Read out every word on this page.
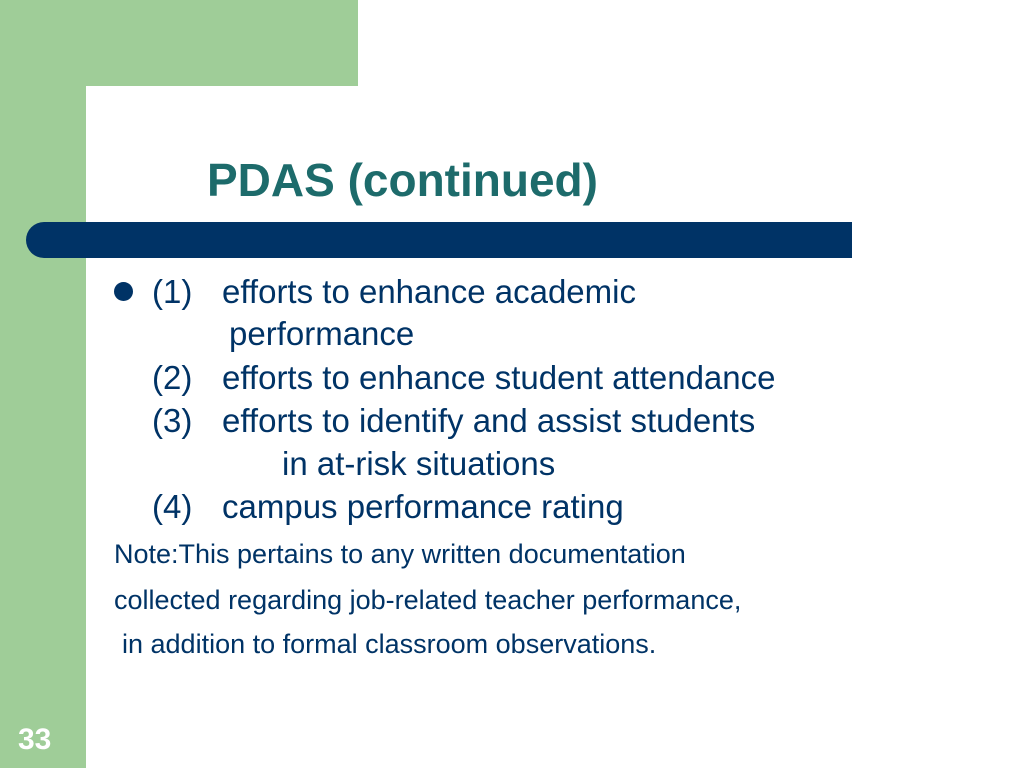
PDAS (continued)
(1) efforts to enhance academic
performance
(2) efforts to enhance student attendance
(3) efforts to identify and assist students
in at-risk situations
(4) campus performance rating
Note:This pertains to any written documentation
collected regarding job-related teacher performance,
in addition to formal classroom observations.
33
